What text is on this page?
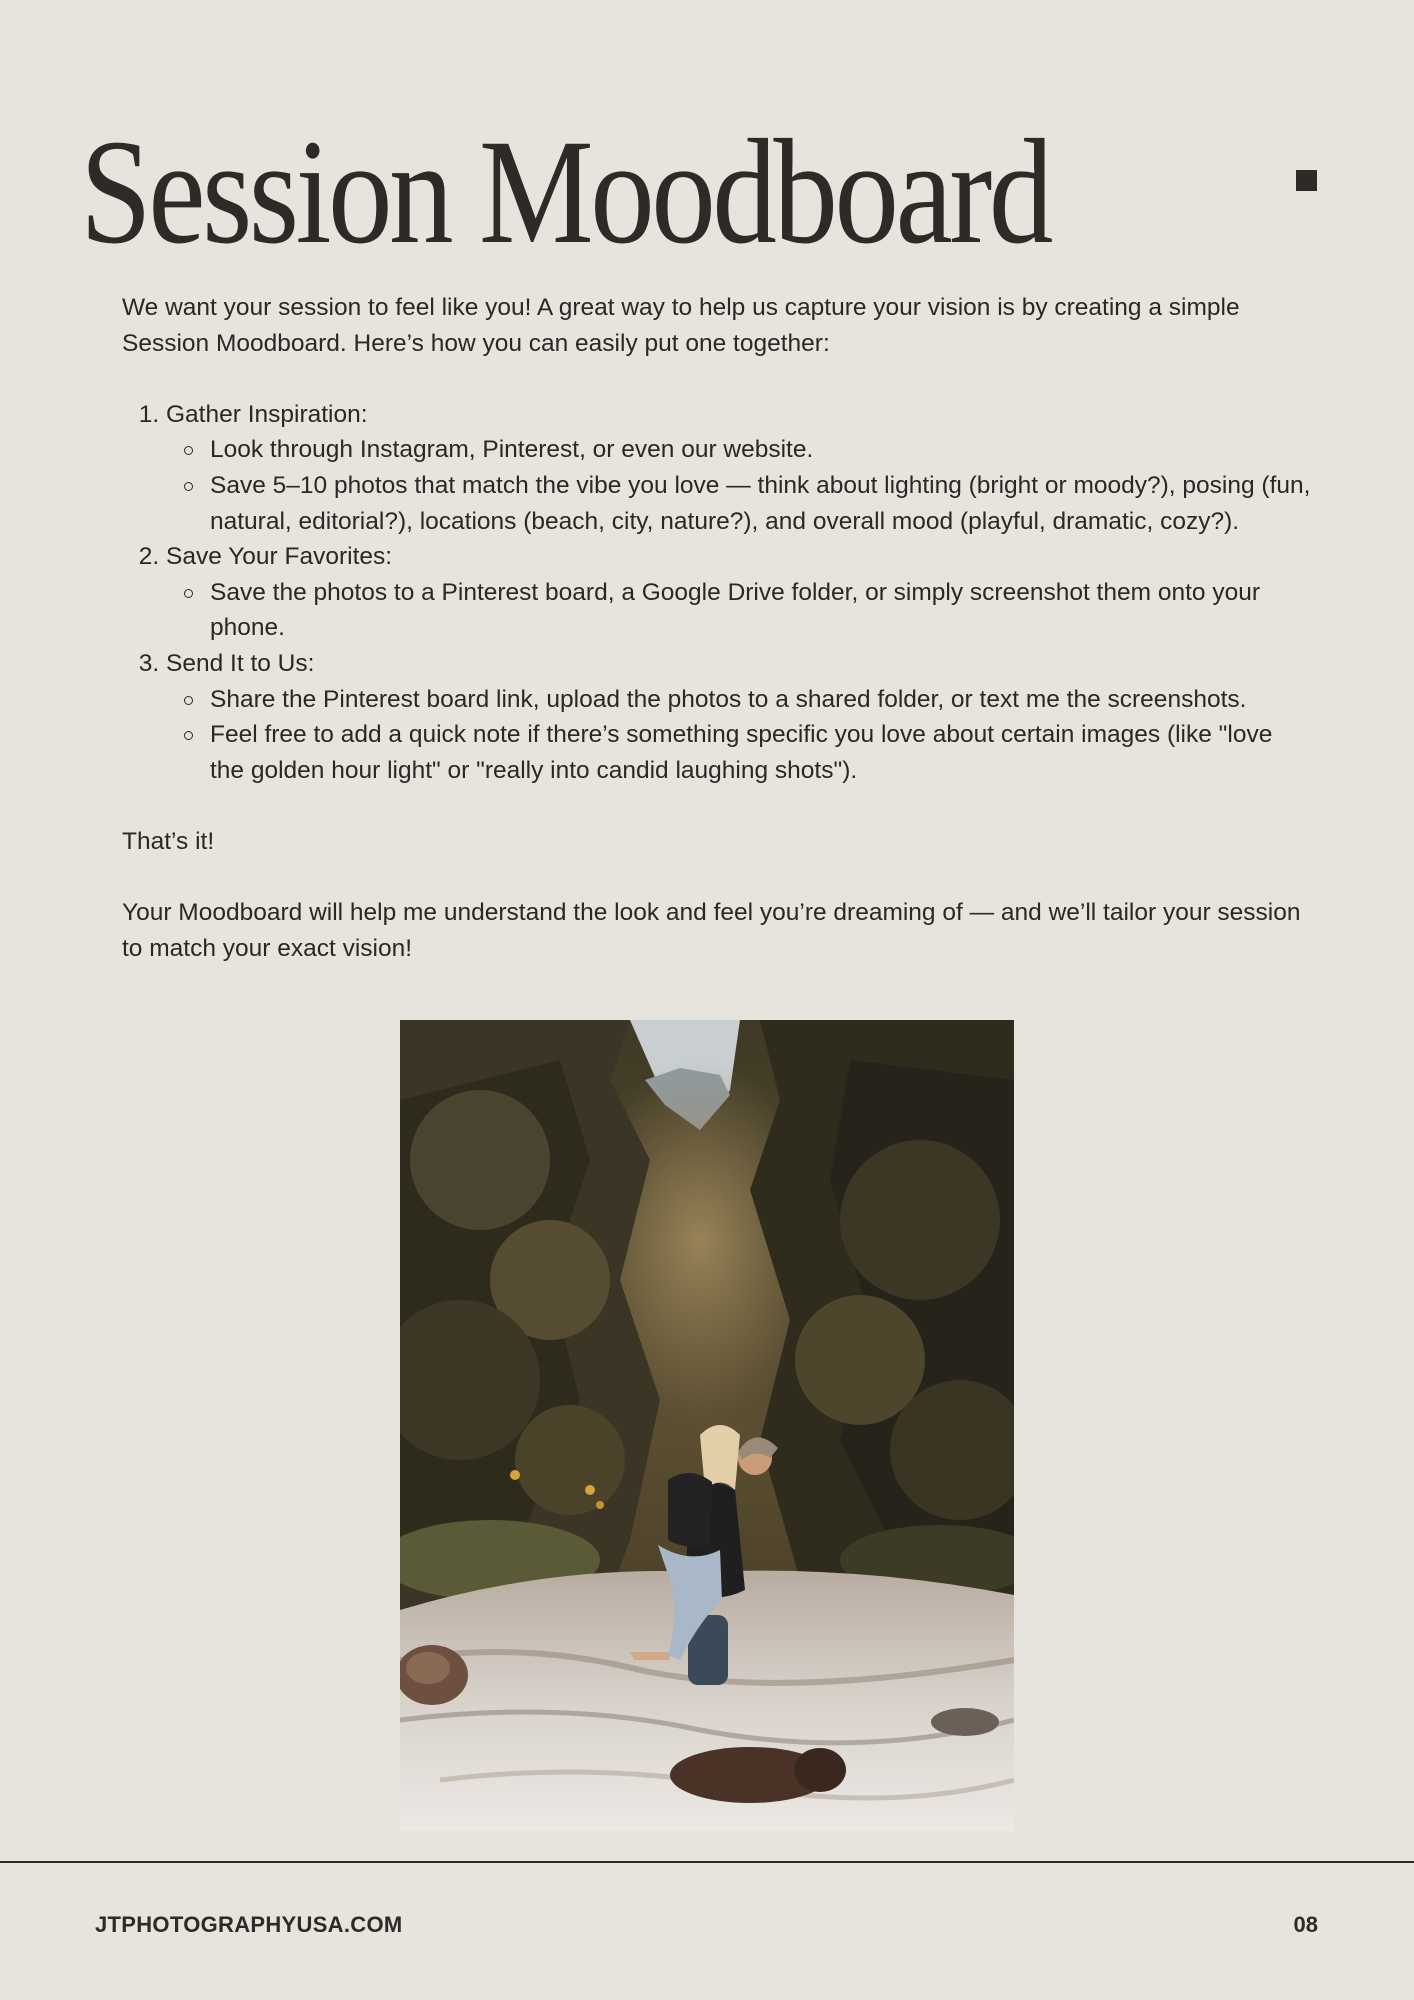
Session Moodboard

We want your session to feel like you! A great way to help us capture your vision is by creating a simple Session Moodboard. Here’s how you can easily put one together:

1. Gather Inspiration:
Look through Instagram, Pinterest, or even our website.
Save 5–10 photos that match the vibe you love — think about lighting (bright or moody?), posing (fun, natural, editorial?), locations (beach, city, nature?), and overall mood (playful, dramatic, cozy?).
2. Save Your Favorites:
Save the photos to a Pinterest board, a Google Drive folder, or simply screenshot them onto your phone.
3. Send It to Us:
Share the Pinterest board link, upload the photos to a shared folder, or text me the screenshots.
Feel free to add a quick note if there’s something specific you love about certain images (like "love the golden hour light" or "really into candid laughing shots").

That’s it!

Your Moodboard will help me understand the look and feel you’re dreaming of — and we’ll tailor your session to match your exact vision!

JTPHOTOGRAPHYUSA.COM	08
